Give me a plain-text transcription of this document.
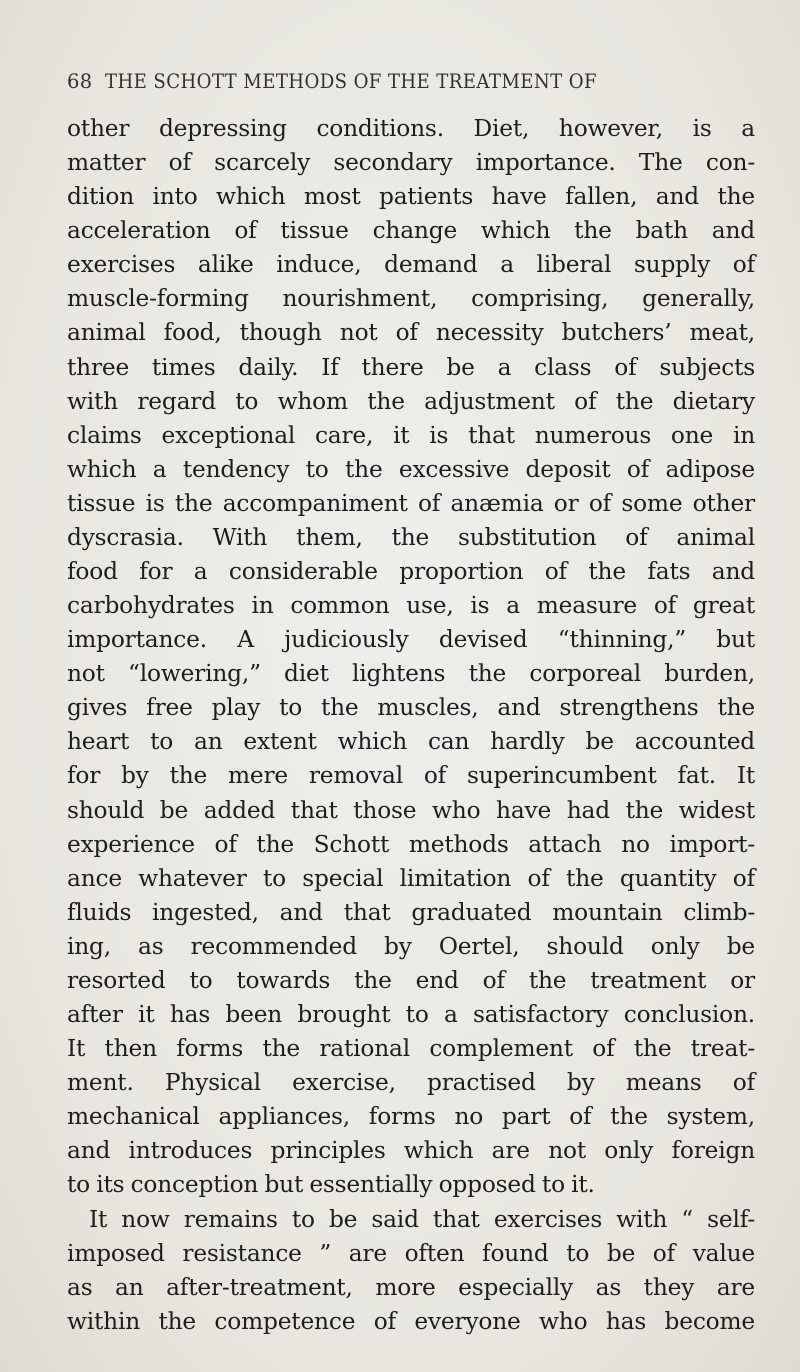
68 THE SCHOTT METHODS OF THE TREATMENT OF
other depressing conditions. Diet, however, is a
matter of scarcely secondary importance. The con-
dition into which most patients have fallen, and the
acceleration of tissue change which the bath and
exercises alike induce, demand a liberal supply of
muscle-forming nourishment, comprising, generally,
animal food, though not of necessity butchers’ meat,
three times daily. If there be a class of subjects
with regard to whom the adjustment of the dietary
claims exceptional care, it is that numerous one in
which a tendency to the excessive deposit of adipose
tissue is the accompaniment of anæmia or of some other
dyscrasia. With them, the substitution of animal
food for a considerable proportion of the fats and
carbohydrates in common use, is a measure of great
importance. A judiciously devised “thinning,” but
not “lowering,” diet lightens the corporeal burden,
gives free play to the muscles, and strengthens the
heart to an extent which can hardly be accounted
for by the mere removal of superincumbent fat. It
should be added that those who have had the widest
experience of the Schott methods attach no import-
ance whatever to special limitation of the quantity of
fluids ingested, and that graduated mountain climb-
ing, as recommended by Oertel, should only be
resorted to towards the end of the treatment or
after it has been brought to a satisfactory conclusion.
It then forms the rational complement of the treat-
ment. Physical exercise, practised by means of
mechanical appliances, forms no part of the system,
and introduces principles which are not only foreign
to its conception but essentially opposed to it.
It now remains to be said that exercises with “ self-
imposed resistance ” are often found to be of value
as an after-treatment, more especially as they are
within the competence of everyone who has become
